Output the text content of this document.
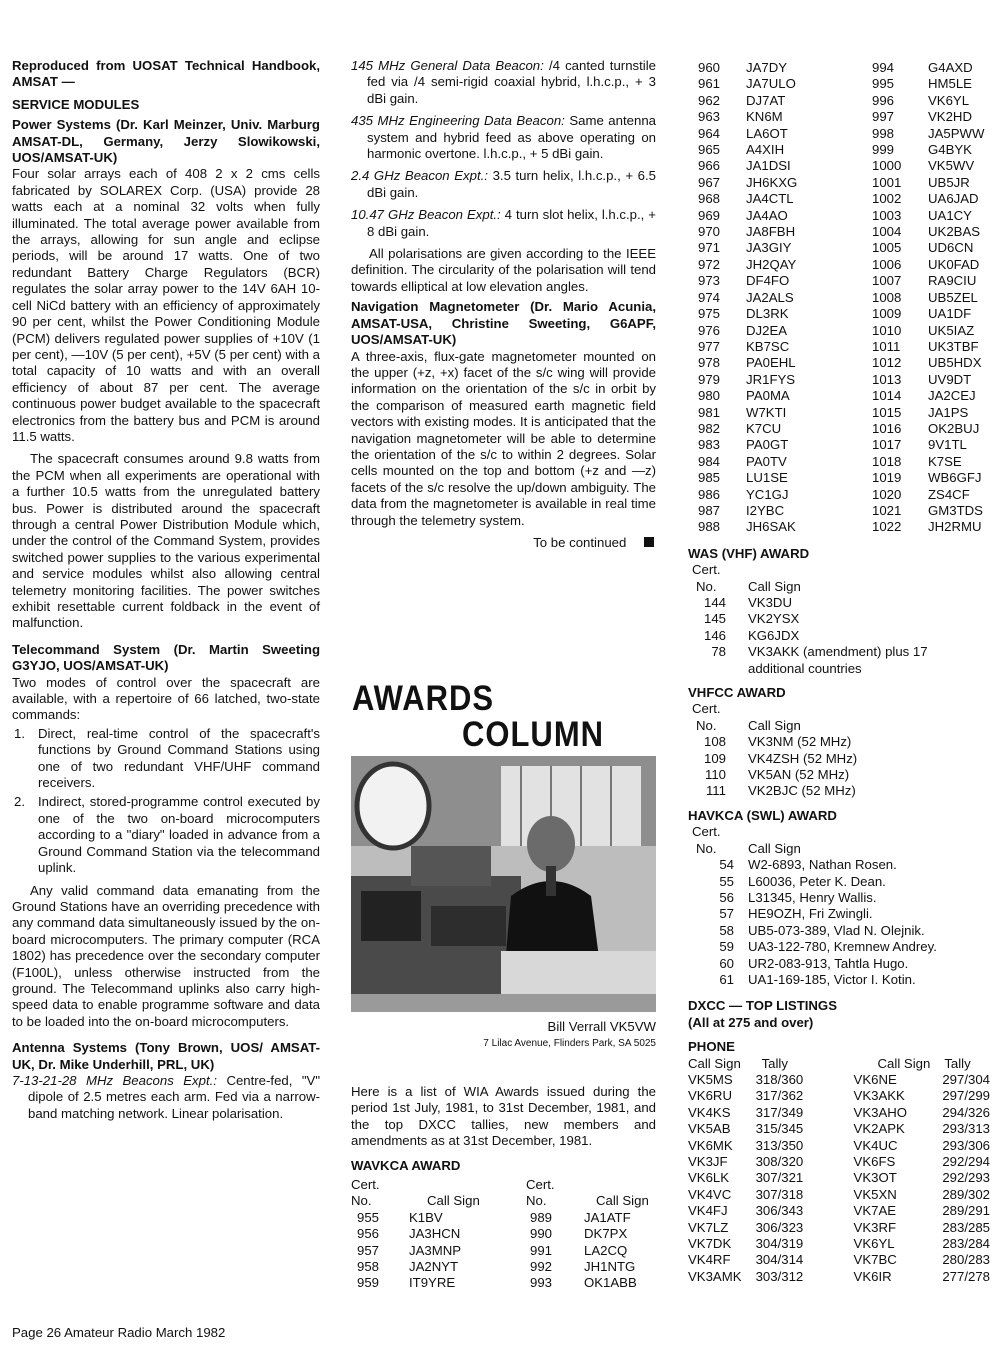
Reproduced from UOSAT Technical Handbook, AMSAT —

SERVICE MODULES

Power Systems (Dr. Karl Meinzer, Univ. Marburg AMSAT-DL, Germany, Jerzy Slowikowski, UOS/AMSAT-UK)

Four solar arrays each of 408 2 x 2 cms cells fabricated by SOLAREX Corp. (USA) provide 28 watts each at a nominal 32 volts when fully illuminated. The total average power available from the arrays, allowing for sun angle and eclipse periods, will be around 17 watts. One of two redundant Battery Charge Regulators (BCR) regulates the solar array power to the 14V 6AH 10-cell NiCd battery with an efficiency of approximately 90 per cent, whilst the Power Conditioning Module (PCM) delivers regulated power supplies of +10V (1 per cent), —10V (5 per cent), +5V (5 per cent) with a total capacity of 10 watts and with an overall efficiency of about 87 per cent. The average continuous power budget available to the spacecraft electronics from the battery bus and PCM is around 11.5 watts.

The spacecraft consumes around 9.8 watts from the PCM when all experiments are operational with a further 10.5 watts from the unregulated battery bus. Power is distributed around the spacecraft through a central Power Distribution Module which, under the control of the Command System, provides switched power supplies to the various experimental and service modules whilst also allowing central telemetry monitoring facilities. The power switches exhibit resettable current foldback in the event of malfunction.

Telecommand System (Dr. Martin Sweeting G3YJO, UOS/AMSAT-UK)

Two modes of control over the spacecraft are available, with a repertoire of 66 latched, two-state commands:

1. Direct, real-time control of the spacecraft's functions by Ground Command Stations using one of two redundant VHF/UHF command receivers.
2. Indirect, stored-programme control executed by one of the two on-board microcomputers according to a "diary" loaded in advance from a Ground Command Station via the telecommand uplink.

Any valid command data emanating from the Ground Stations have an overriding precedence with any command data simultaneously issued by the on-board microcomputers. The primary computer (RCA 1802) has precedence over the secondary computer (F100L), unless otherwise instructed from the ground. The Telecommand uplinks also carry high-speed data to enable programme software and data to be loaded into the on-board microcomputers.

Antenna Systems (Tony Brown, UOS/ AMSAT-UK, Dr. Mike Underhill, PRL, UK)

7-13-21-28 MHz Beacons Expt.: Centre-fed, "V" dipole of 2.5 metres each arm. Fed via a narrow-band matching network. Linear polarisation.

145 MHz General Data Beacon: /4 canted turnstile fed via /4 semi-rigid coaxial hybrid, l.h.c.p., + 3 dBi gain.

435 MHz Engineering Data Beacon: Same antenna system and hybrid feed as above operating on harmonic overtone. l.h.c.p., + 5 dBi gain.

2.4 GHz Beacon Expt.: 3.5 turn helix, l.h.c.p., + 6.5 dBi gain.

10.47 GHz Beacon Expt.: 4 turn slot helix, l.h.c.p., + 8 dBi gain.

All polarisations are given according to the IEEE definition. The circularity of the polarisation will tend towards elliptical at low elevation angles.

Navigation Magnetometer (Dr. Mario Acunia, AMSAT-USA, Christine Sweeting, G6APF, UOS/AMSAT-UK)

A three-axis, flux-gate magnetometer mounted on the upper (+z, +x) facet of the s/c wing will provide information on the orientation of the s/c in orbit by the comparison of measured earth magnetic field vectors with existing modes. It is anticipated that the navigation magnetometer will be able to determine the orientation of the s/c to within 2 degrees. Solar cells mounted on the top and bottom (+z and —z) facets of the s/c resolve the up/down ambiguity. The data from the magnetometer is available in real time through the telemetry system.

To be continued
AWARDS
COLUMN
Bill Verrall VK5VW
7 Lilac Avenue, Flinders Park, SA 5025

Here is a list of WIA Awards issued during the period 1st July, 1981, to 31st December, 1981, and the top DXCC tallies, new members and amendments as at 31st December, 1981.

WAVKCA AWARD

Cert.	
No.	Call Sign
955	K1BV
956	JA3HCN
957	JA3MNP
958	JA2NYT
959	IT9YRE
Cert.	
No.	Call Sign
989	JA1ATF
990	DK7PX
991	LA2CQ
992	JH1NTG
993	OK1ABB
960	JA7DY	994	G4AXD
961	JA7ULO	995	HM5LE
962	DJ7AT	996	VK6YL
963	KN6M	997	VK2HD
964	LA6OT	998	JA5PWW
965	A4XIH	999	G4BYK
966	JA1DSI	1000	VK5WV
967	JH6KXG	1001	UB5JR
968	JA4CTL	1002	UA6JAD
969	JA4AO	1003	UA1CY
970	JA8FBH	1004	UK2BAS
971	JA3GIY	1005	UD6CN
972	JH2QAY	1006	UK0FAD
973	DF4FO	1007	RA9CIU
974	JA2ALS	1008	UB5ZEL
975	DL3RK	1009	UA1DF
976	DJ2EA	1010	UK5IAZ
977	KB7SC	1011	UK3TBF
978	PA0EHL	1012	UB5HDX
979	JR1FYS	1013	UV9DT
980	PA0MA	1014	JA2CEJ
981	W7KTI	1015	JA1PS
982	K7CU	1016	OK2BUJ
983	PA0GT	1017	9V1TL
984	PA0TV	1018	K7SE
985	LU1SE	1019	WB6GFJ
986	YC1GJ	1020	ZS4CF
987	I2YBC	1021	GM3TDS
988	JH6SAK	1022	JH2RMU

WAS (VHF) AWARD

Cert.	
No.	Call Sign
144	VK3DU
145	VK2YSX
146	KG6JDX
78	VK3AKK (amendment) plus 17
	additional countries

VHFCC AWARD

Cert.	
No.	Call Sign
108	VK3NM (52 MHz)
109	VK4ZSH (52 MHz)
110	VK5AN (52 MHz)
111	VK2BJC (52 MHz)

HAVKCA (SWL) AWARD

Cert.	
No.	Call Sign
54	W2-6893, Nathan Rosen.
55	L60036, Peter K. Dean.
56	L31345, Henry Wallis.
57	HE9OZH, Fri Zwingli.
58	UB5-073-389, Vlad N. Olejnik.
59	UA3-122-780, Kremnew Andrey.
60	UR2-083-913, Tahtla Hugo.
61	UA1-169-185, Victor I. Kotin.

DXCC — TOP LISTINGS

(All at 275 and over)

PHONE

Call Sign	Tally	Call Sign	Tally
VK5MS	318/360	VK6NE	297/304
VK6RU	317/362	VK3AKK	297/299
VK4KS	317/349	VK3AHO	294/326
VK5AB	315/345	VK2APK	293/313
VK6MK	313/350	VK4UC	293/306
VK3JF	308/320	VK6FS	292/294
VK6LK	307/321	VK3OT	292/293
VK4VC	307/318	VK5XN	289/302
VK4FJ	306/343	VK7AE	289/291
VK7LZ	306/323	VK3RF	283/285
VK7DK	304/319	VK6YL	283/284
VK4RF	304/314	VK7BC	280/283
VK3AMK	303/312	VK6IR	277/278
Page 26 Amateur Radio March 1982
